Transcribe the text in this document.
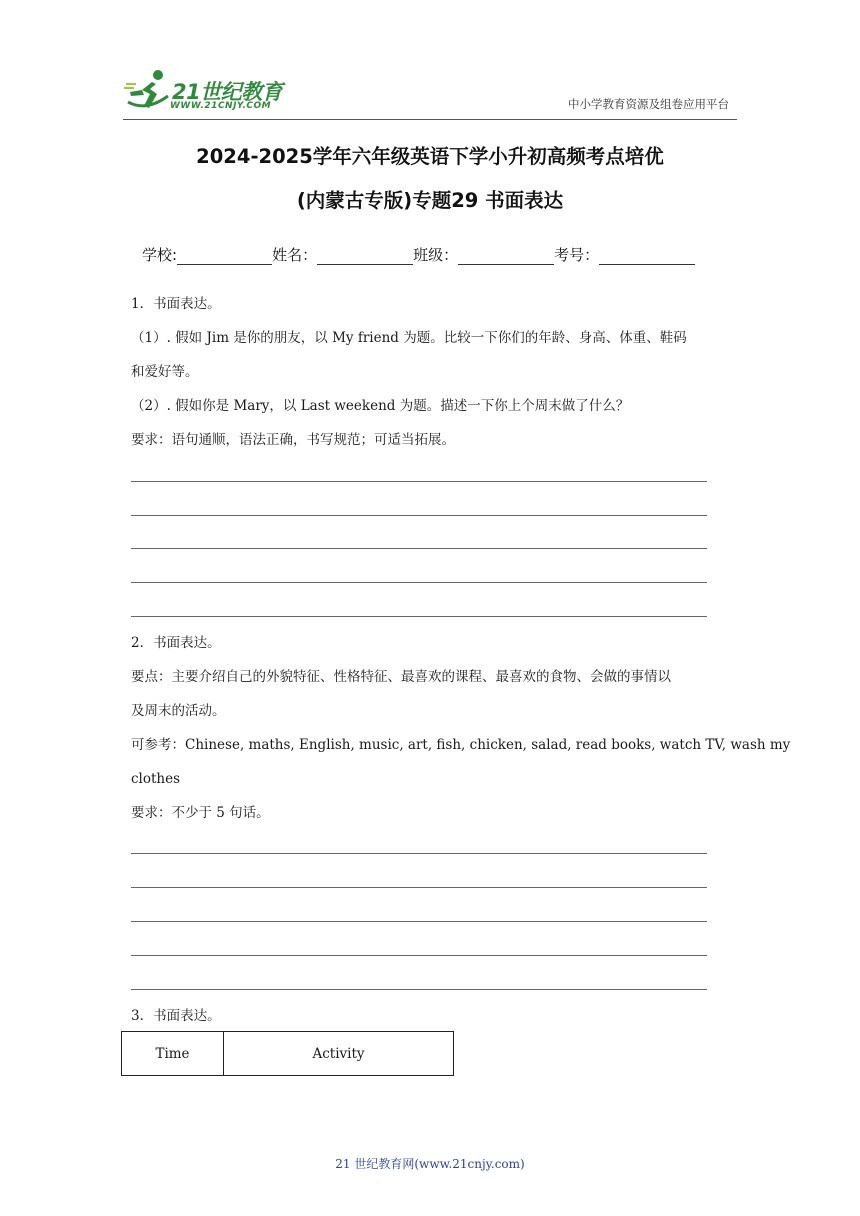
21世纪教育
WWW.21CNJY.COM	中小学教育资源及组卷应用平台
2024-2025学年六年级英语下学小升初高频考点培优
(内蒙古专版)专题29 书面表达
学校:	姓名：	班级：	考号：
1．书面表达。
（1）. 假如 Jim 是你的朋友，以 My friend 为题。比较一下你们的年龄、身高、体重、鞋码
和爱好等。
（2）. 假如你是 Mary，以 Last weekend 为题。描述一下你上个周末做了什么？
要求：语句通顺，语法正确，书写规范；可适当拓展。
2．书面表达。
要点：主要介绍自己的外貌特征、性格特征、最喜欢的课程、最喜欢的食物、会做的事情以
及周末的活动。
可参考：Chinese, maths, English, music, art, fish, chicken, salad, read books, watch TV, wash my
clothes
要求：不少于 5 句话。
3．书面表达。
Time	Activity
21 世纪教育网(www.21cnjy.com)
